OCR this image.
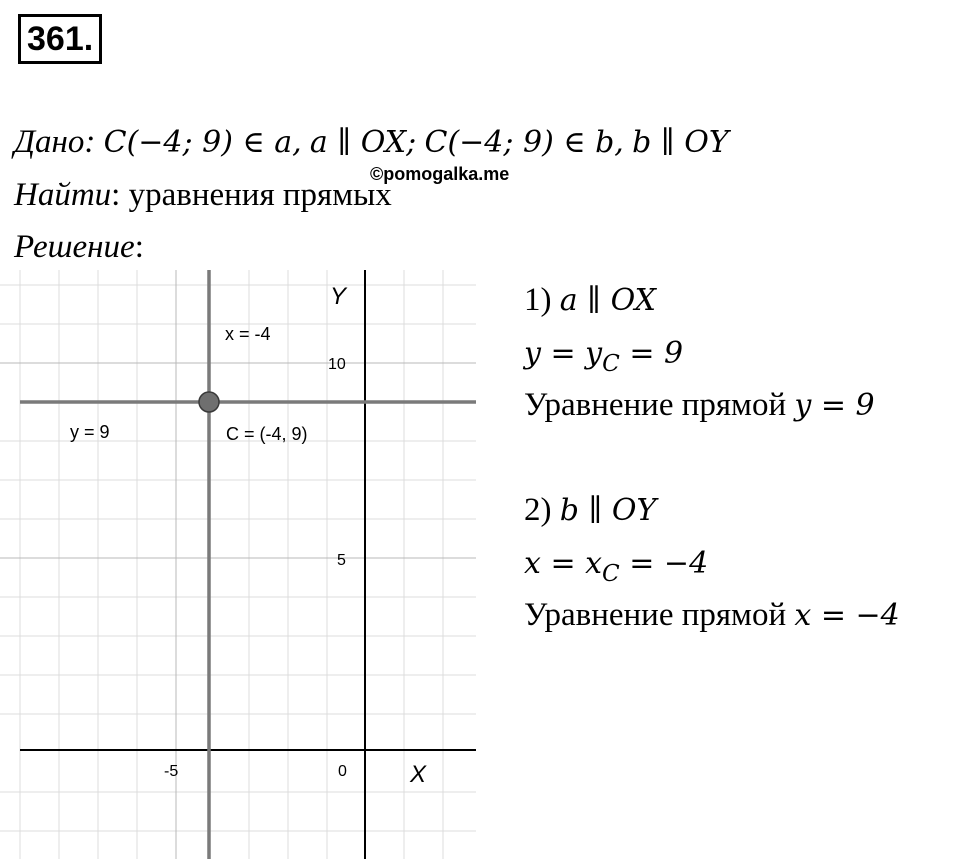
361.
©pomogalka.me
Дано: C(−4; 9) ∈ a, a ∥ OX; C(−4; 9) ∈ b, b ∥ OY
Найти: уравнения прямых
Решение:
Y
X
0
-5
5
10
x = -4
y = 9	C = (-4, 9)
1) a ∥ OX
$y = y_C = 9$
Уравнение прямой y = 9
2) b ∥ OY
$x = x_C = -4$
Уравнение прямой x = −4
